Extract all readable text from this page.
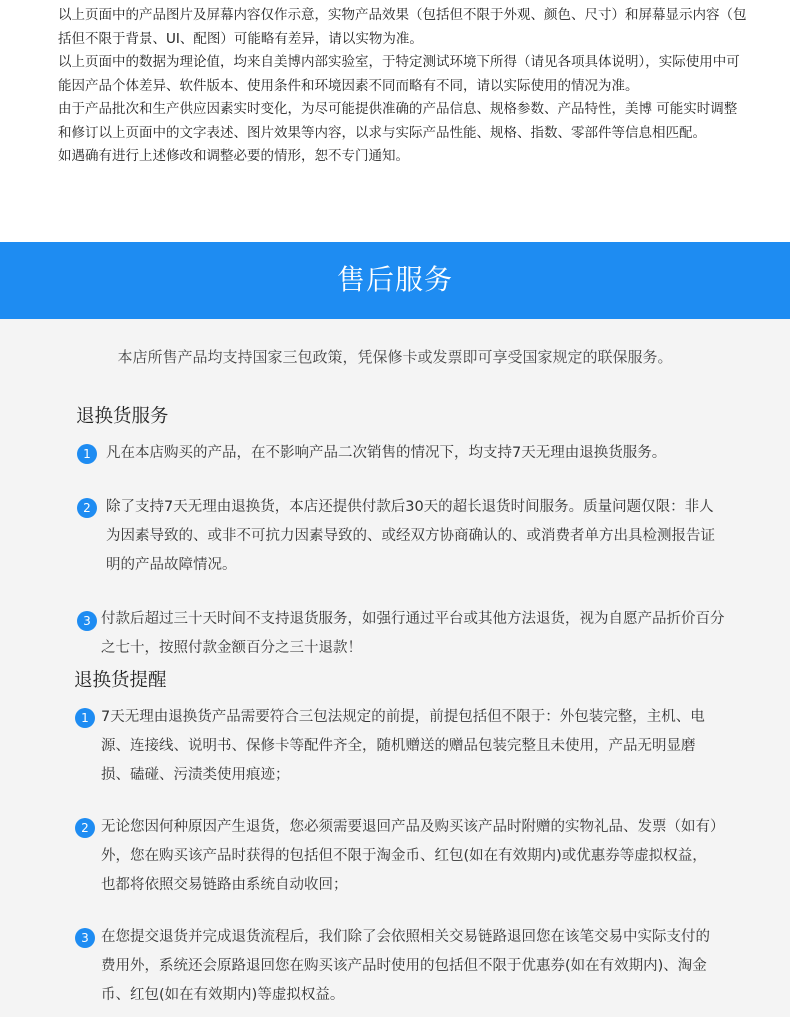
以上页面中的产品图片及屏幕内容仅作示意，实物产品效果（包括但不限于外观、颜色、尺寸）和屏幕显示内容（包括但不限于背景、UI、配图）可能略有差异，请以实物为准。

以上页面中的数据为理论值，均来自美博内部实验室，于特定测试环境下所得（请见各项具体说明），实际使用中可能因产品个体差异、软件版本、使用条件和环境因素不同而略有不同，请以实际使用的情况为准。

由于产品批次和生产供应因素实时变化，为尽可能提供准确的产品信息、规格参数、产品特性，美博 可能实时调整和修订以上页面中的文字表述、图片效果等内容，以求与实际产品性能、规格、指数、零部件等信息相匹配。

如遇确有进行上述修改和调整必要的情形，恕不专门通知。

售后服务
本店所售产品均支持国家三包政策，凭保修卡或发票即可享受国家规定的联保服务。
退换货服务
1	凡在本店购买的产品，在不影响产品二次销售的情况下，均支持7天无理由退换货服务。
2	除了支持7天无理由退换货，本店还提供付款后30天的超长退货时间服务。质量问题仅限：非人为因素导致的、或非不可抗力因素导致的、或经双方协商确认的、或消费者单方出具检测报告证明的产品故障情况。
3 付款后超过三十天时间不支持退货服务，如强行通过平台或其他方法退货，视为自愿产品折价百分之七十，按照付款金额百分之三十退款！
退换货提醒
1 7天无理由退换货产品需要符合三包法规定的前提，前提包括但不限于：外包装完整，主机、电源、连接线、说明书、保修卡等配件齐全，随机赠送的赠品包装完整且未使用，产品无明显磨损、磕碰、污渍类使用痕迹；
2 无论您因何种原因产生退货，您必须需要退回产品及购买该产品时附赠的实物礼品、发票（如有）外，您在购买该产品时获得的包括但不限于淘金币、红包(如在有效期内)或优惠券等虚拟权益，也都将依照交易链路由系统自动收回；
3 在您提交退货并完成退货流程后，我们除了会依照相关交易链路退回您在该笔交易中实际支付的费用外，系统还会原路退回您在购买该产品时使用的包括但不限于优惠券(如在有效期内)、淘金币、红包(如在有效期内)等虚拟权益。
